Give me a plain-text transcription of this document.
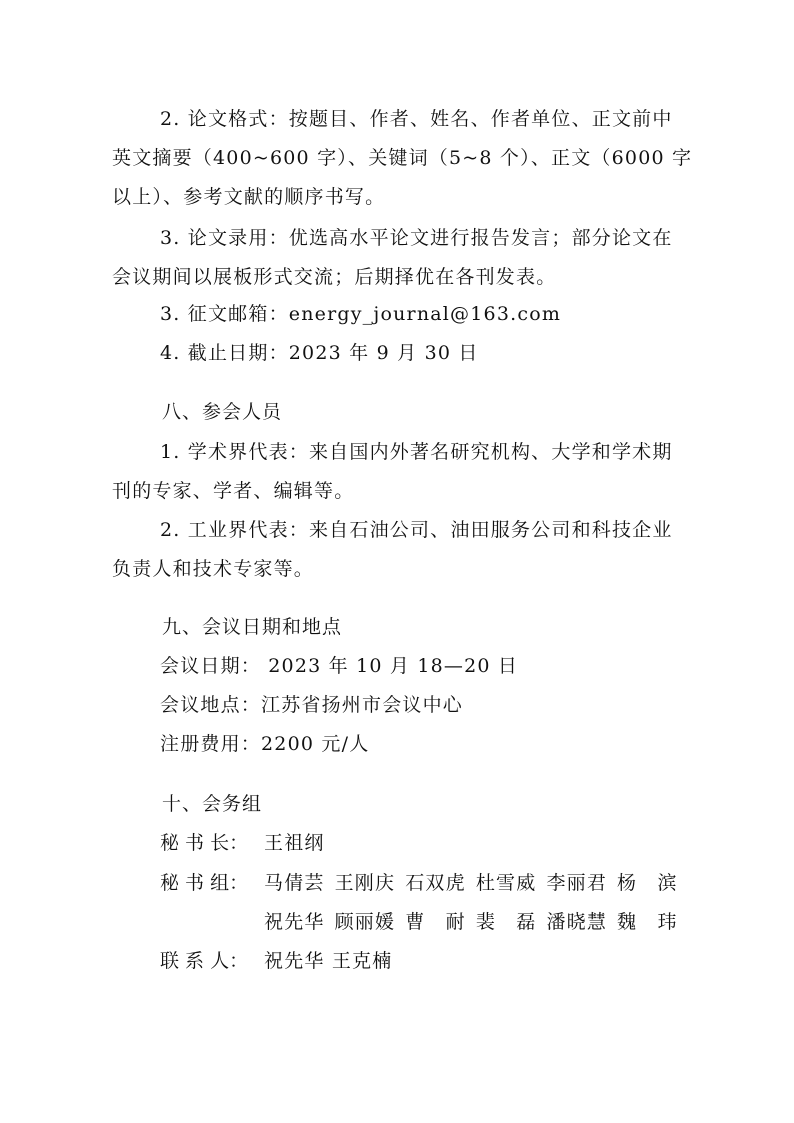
2. 论文格式：按题目、作者、姓名、作者单位、正文前中
英文摘要（400~600 字）、关键词（5~8 个）、正文（6000 字
以上）、参考文献的顺序书写。
3. 论文录用：优选高水平论文进行报告发言；部分论文在
会议期间以展板形式交流；后期择优在各刊发表。
3. 征文邮箱：energy_journal@163.com
4. 截止日期：2023 年 9 月 30 日
八、参会人员
1. 学术界代表：来自国内外著名研究机构、大学和学术期
刊的专家、学者、编辑等。
2. 工业界代表：来自石油公司、油田服务公司和科技企业
负责人和技术专家等。
九、会议日期和地点
会议日期： 2023 年 10 月 18—20 日
会议地点：江苏省扬州市会议中心
注册费用：2200 元/人
十、会务组
秘 书 长： 王祖纲
秘 书 组： 马倩芸 王刚庆 石双虎 杜雪威 李丽君 杨　滨
祝先华 顾丽媛 曹　耐 裴　磊 潘晓慧 魏　玮
联 系 人： 祝先华 王克楠
